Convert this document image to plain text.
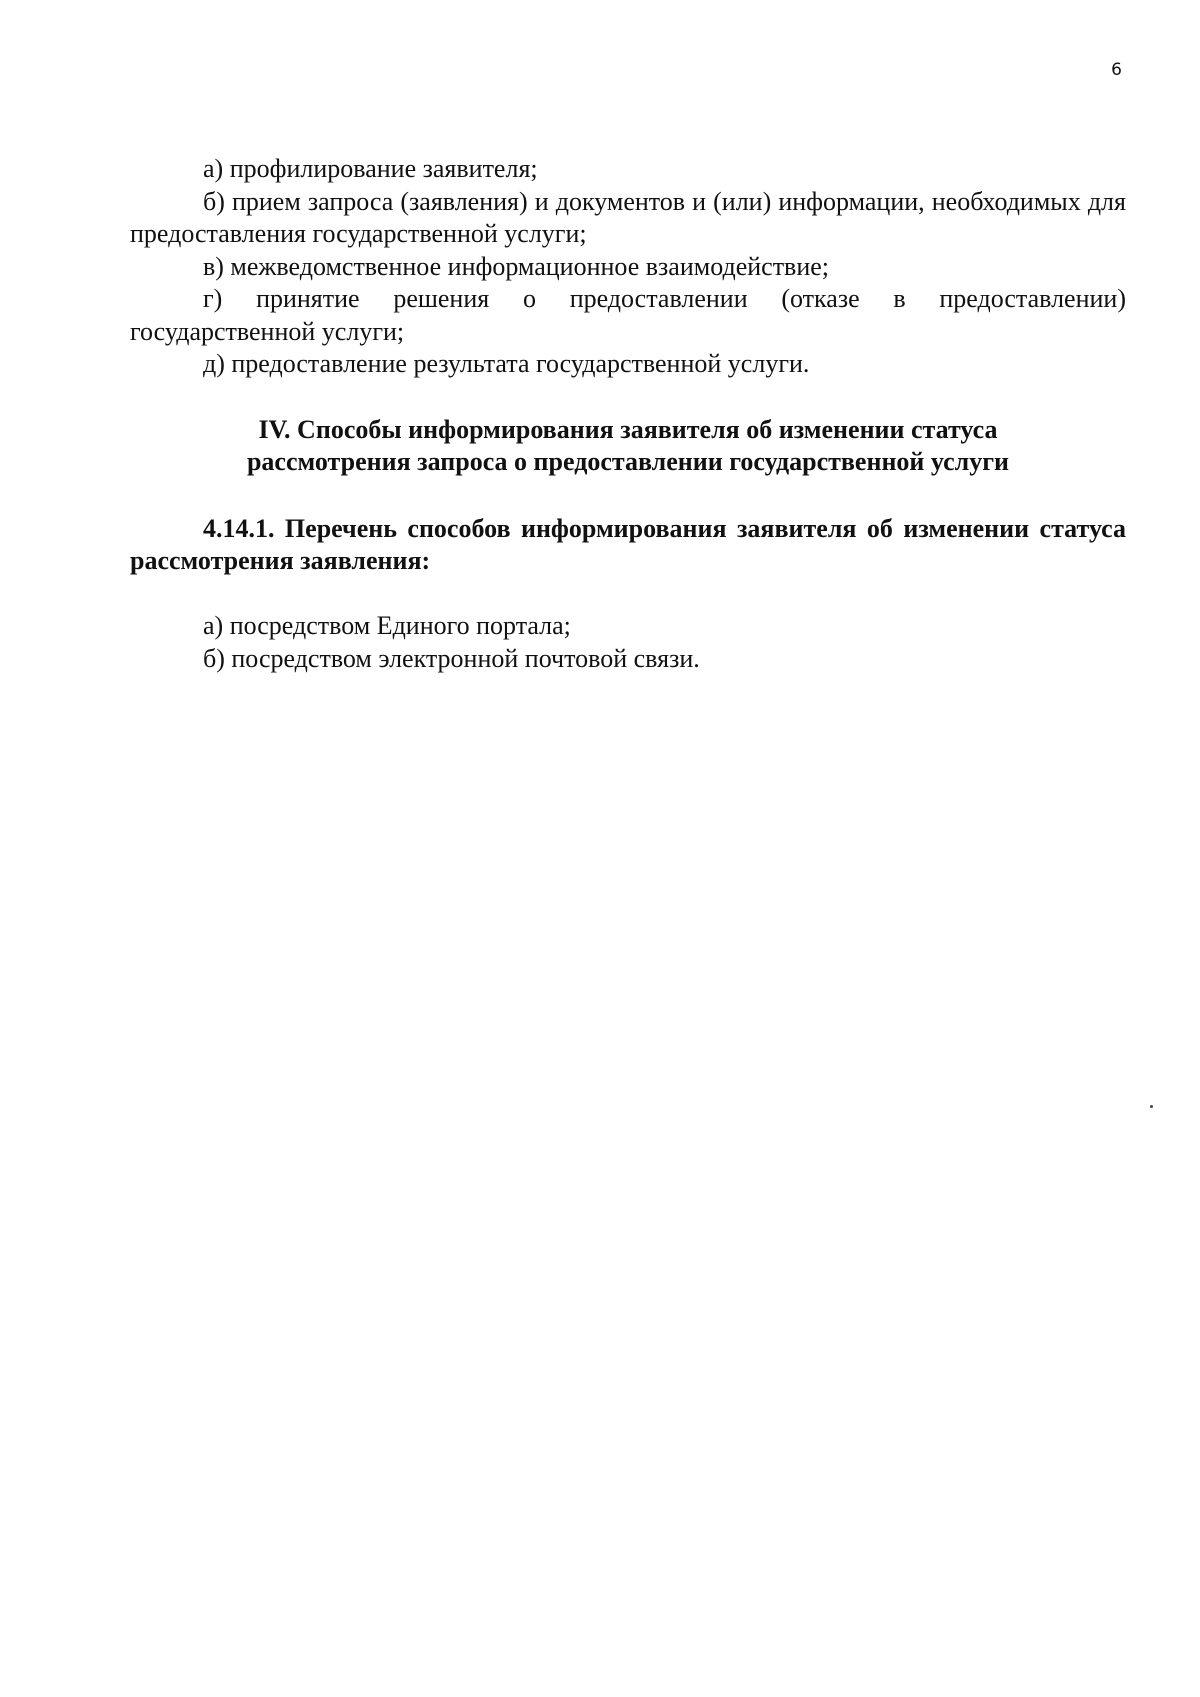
6

а) профилирование заявителя;

б) прием запроса (заявления) и документов и (или) информации, необходимых для предоставления государственной услуги;

в) межведомственное информационное взаимодействие;

г) принятие решения о предоставлении (отказе в предоставлении) государственной услуги;

д) предоставление результата государственной услуги.

IV. Способы информирования заявителя об изменении статуса
рассмотрения запроса о предоставлении государственной услуги
4.14.1. Перечень способов информирования заявителя об изменении статуса рассмотрения заявления:

а) посредством Единого портала;

б) посредством электронной почтовой связи.
